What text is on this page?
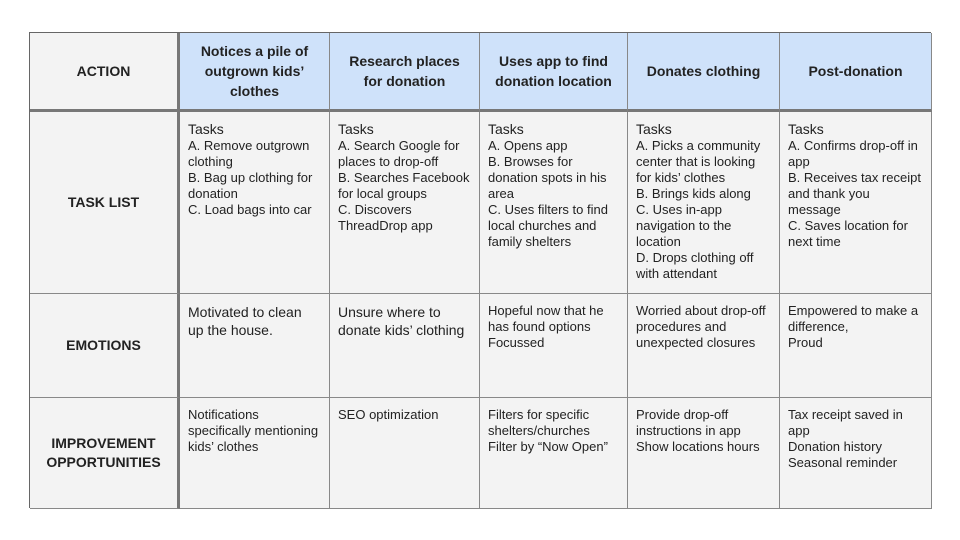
ACTION
Notices a pile of outgrown kids’ clothes
Research places for donation
Uses app to find donation location
Donates clothing	Post-donation
TASK LIST
Tasks
A. Remove outgrown clothing
B. Bag up clothing for donation
C. Load bags into car
Tasks
A. Search Google for places to drop-off
B. Searches Facebook for local groups
C. Discovers ThreadDrop app
Tasks
A. Opens app
B. Browses for donation spots in his area
C. Uses filters to find local churches and family shelters
Tasks
A. Picks a community center that is looking for kids’ clothes
B. Brings kids along
C. Uses in-app navigation to the location
D. Drops clothing off with attendant
Tasks
A. Confirms drop-off in app
B. Receives tax receipt and thank you message
C. Saves location for next time
EMOTIONS
Motivated to clean up the house.
Unsure where to donate kids’ clothing
Hopeful now that he has found options
Focussed
Worried about drop-off procedures and unexpected closures
Empowered to make a difference,
Proud
IMPROVEMENT OPPORTUNITIES
Notifications specifically mentioning kids’ clothes
SEO optimization	Filters for specific shelters/churches
Filter by “Now Open”
Provide drop-off instructions in app
Show locations hours
Tax receipt saved in app
Donation history
Seasonal reminder
